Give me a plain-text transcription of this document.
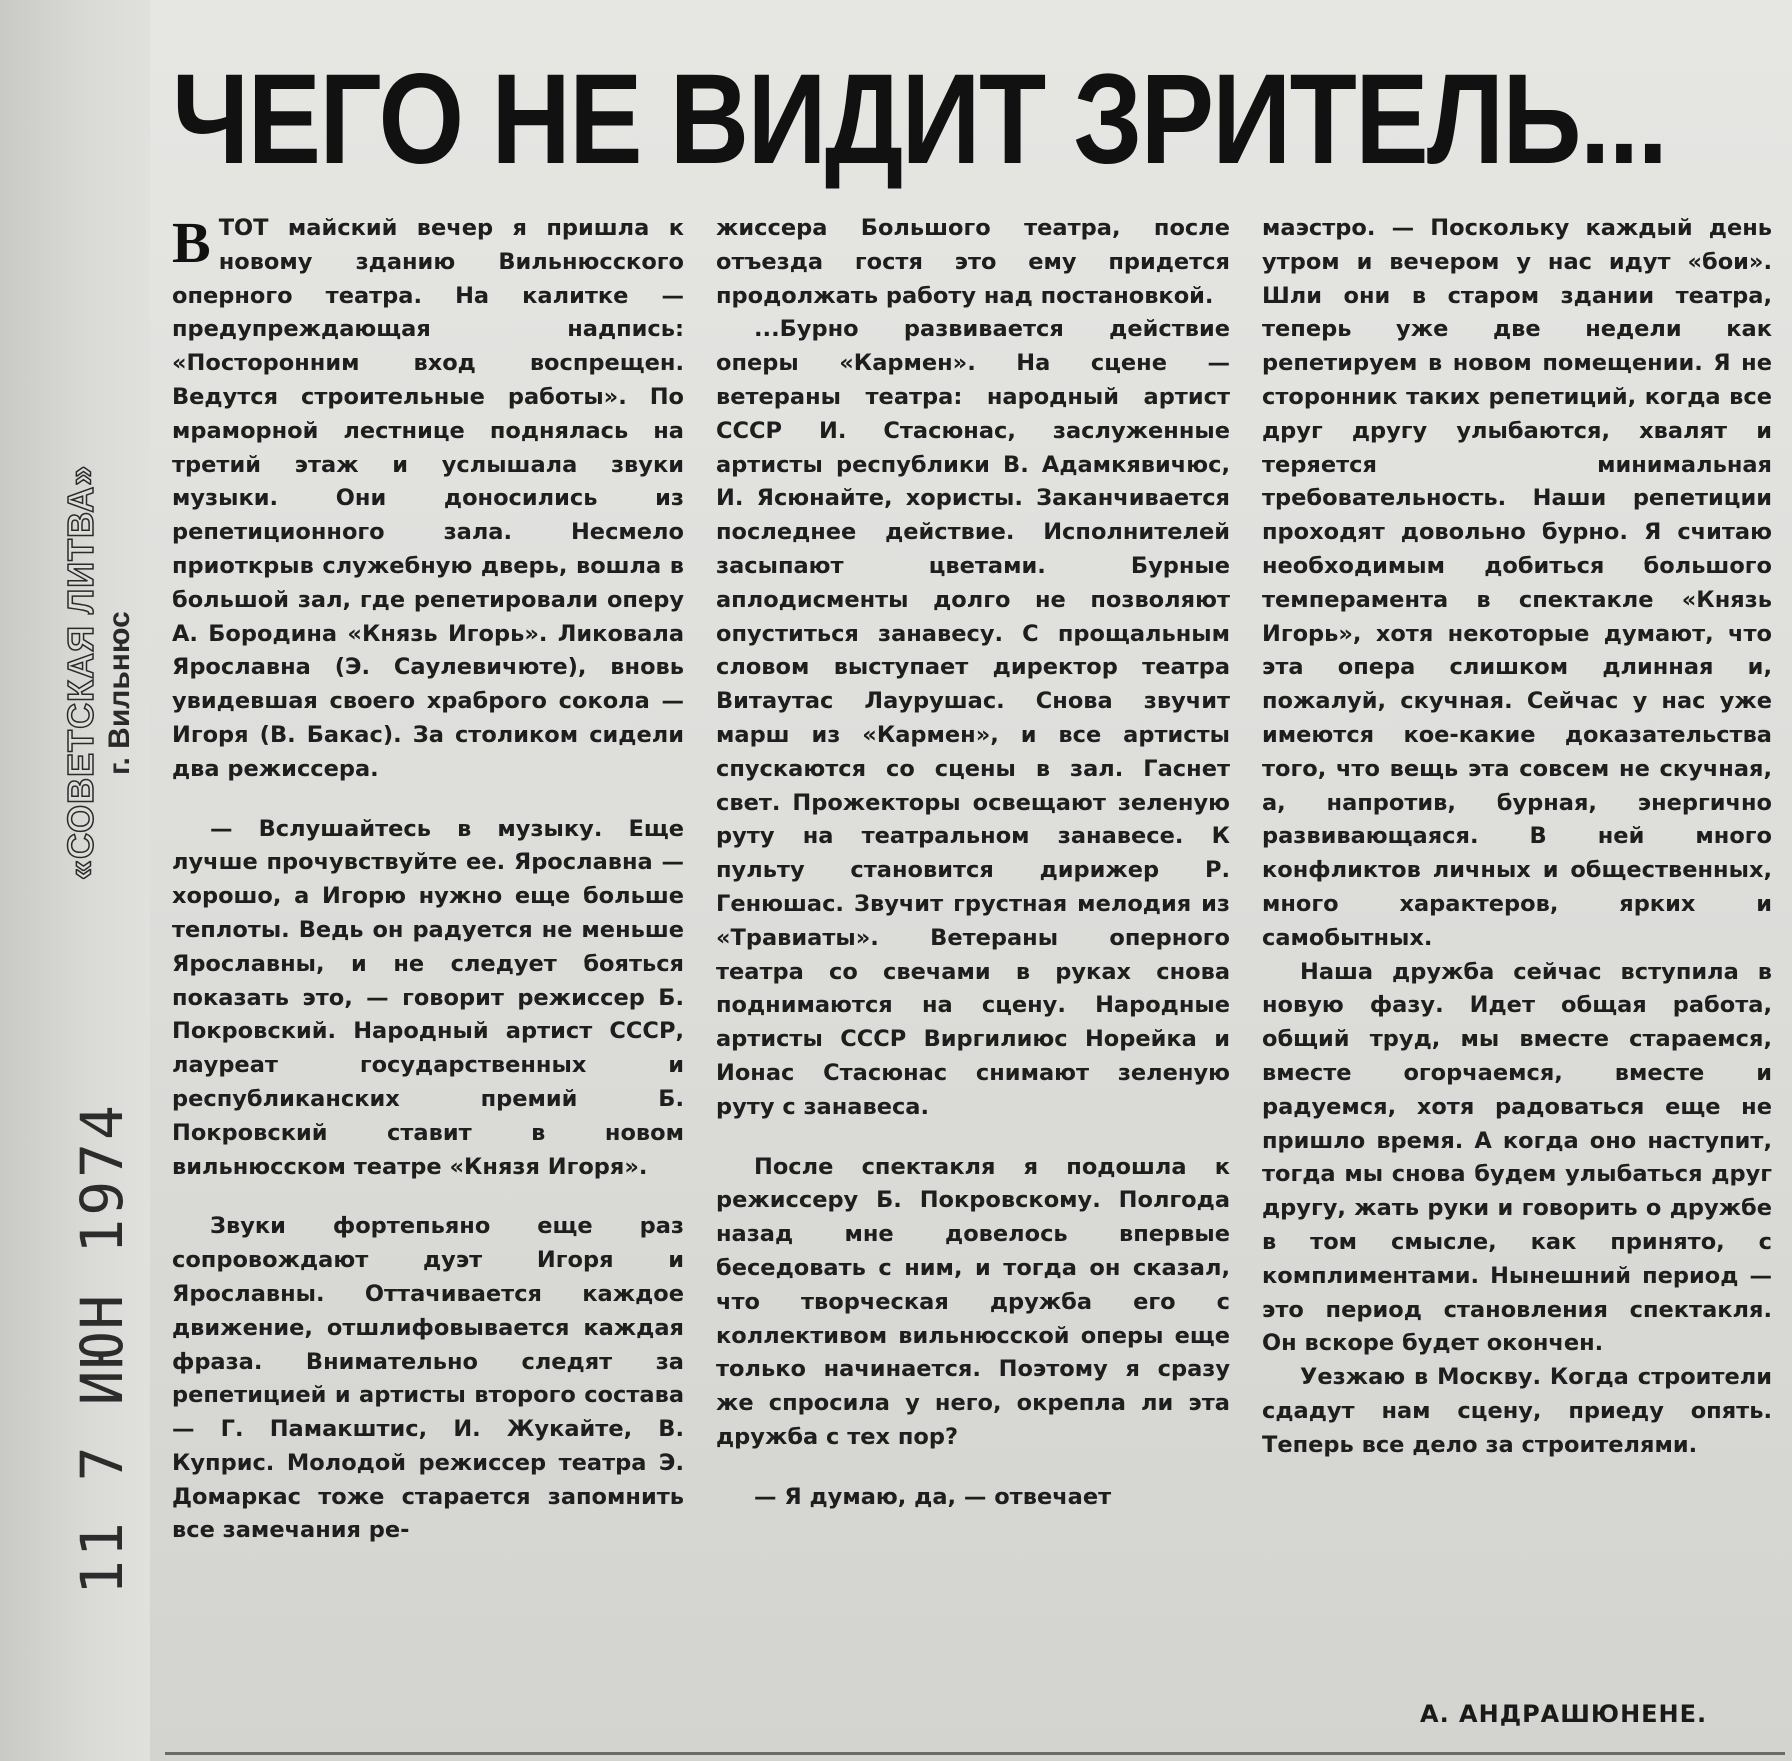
«СОВЕТСКАЯ ЛИТВА» г. Вильнюс
11 7 ИЮН 1974
ЧЕГО НЕ ВИДИТ ЗРИТЕЛЬ...

ВТОТ майский вечер я пришла к новому зданию Вильнюсского оперного театра. На калитке — предупреждающая надпись: «Посторонним вход воспрещен. Ведутся строительные работы». По мраморной лестнице поднялась на третий этаж и услышала звуки музыки. Они доносились из репетиционного зала. Несмело приоткрыв служебную дверь, вошла в большой зал, где репетировали оперу А. Бородина «Князь Игорь». Ликовала Ярославна (Э. Саулевичюте), вновь увидевшая своего храброго сокола — Игоря (В. Бакас). За столиком сидели два режиссера.

— Вслушайтесь в музыку. Еще лучше прочувствуйте ее. Ярославна — хорошо, а Игорю нужно еще больше теплоты. Ведь он радуется не меньше Ярославны, и не следует бояться показать это, — говорит режиссер Б. Покровский. Народный артист СССР, лауреат государственных и республиканских премий Б. Покровский ставит в новом вильнюсском театре «Князя Игоря».

Звуки фортепьяно еще раз сопровождают дуэт Игоря и Ярославны. Оттачивается каждое движение, отшлифовывается каждая фраза. Внимательно следят за репетицией и артисты второго состава — Г. Памакштис, И. Жукайте, В. Куприс. Молодой режиссер театра Э. Домаркас тоже старается запомнить все замечания ре-

жиссера Большого театра, после отъезда гостя это ему придется продолжать работу над постановкой.

...Бурно развивается действие оперы «Кармен». На сцене — ветераны театра: народный артист СССР И. Стасюнас, заслуженные артисты республики В. Адамкявичюс, И. Ясюнайте, хористы. Заканчивается последнее действие. Исполнителей засыпают цветами. Бурные аплодисменты долго не позволяют опуститься занавесу. С прощальным словом выступает директор театра Витаутас Лаурушас. Снова звучит марш из «Кармен», и все артисты спускаются со сцены в зал. Гаснет свет. Прожекторы освещают зеленую руту на театральном занавесе. К пульту становится дирижер Р. Генюшас. Звучит грустная мелодия из «Травиаты». Ветераны оперного театра со свечами в руках снова поднимаются на сцену. Народные артисты СССР Виргилиюс Норейка и Ионас Стасюнас снимают зеленую руту с занавеса.

После спектакля я подошла к режиссеру Б. Покровскому. Полгода назад мне довелось впервые беседовать с ним, и тогда он сказал, что творческая дружба его с коллективом вильнюсской оперы еще только начинается. Поэтому я сразу же спросила у него, окрепла ли эта дружба с тех пор?

— Я думаю, да, — отвечает

маэстро. — Поскольку каждый день утром и вечером у нас идут «бои». Шли они в старом здании театра, теперь уже две недели как репетируем в новом помещении. Я не сторонник таких репетиций, когда все друг другу улыбаются, хвалят и теряется минимальная требовательность. Наши репетиции проходят довольно бурно. Я считаю необходимым добиться большого темперамента в спектакле «Князь Игорь», хотя некоторые думают, что эта опера слишком длинная и, пожалуй, скучная. Сейчас у нас уже имеются кое-какие доказательства того, что вещь эта совсем не скучная, а, напротив, бурная, энергично развивающаяся. В ней много конфликтов личных и общественных, много характеров, ярких и самобытных.

Наша дружба сейчас вступила в новую фазу. Идет общая работа, общий труд, мы вместе стараемся, вместе огорчаемся, вместе и радуемся, хотя радоваться еще не пришло время. А когда оно наступит, тогда мы снова будем улыбаться друг другу, жать руки и говорить о дружбе в том смысле, как принято, с комплиментами. Нынешний период — это период становления спектакля. Он вскоре будет окончен.

Уезжаю в Москву. Когда строители сдадут нам сцену, приеду опять. Теперь все дело за строителями.

А. АНДРАШЮНЕНЕ.
